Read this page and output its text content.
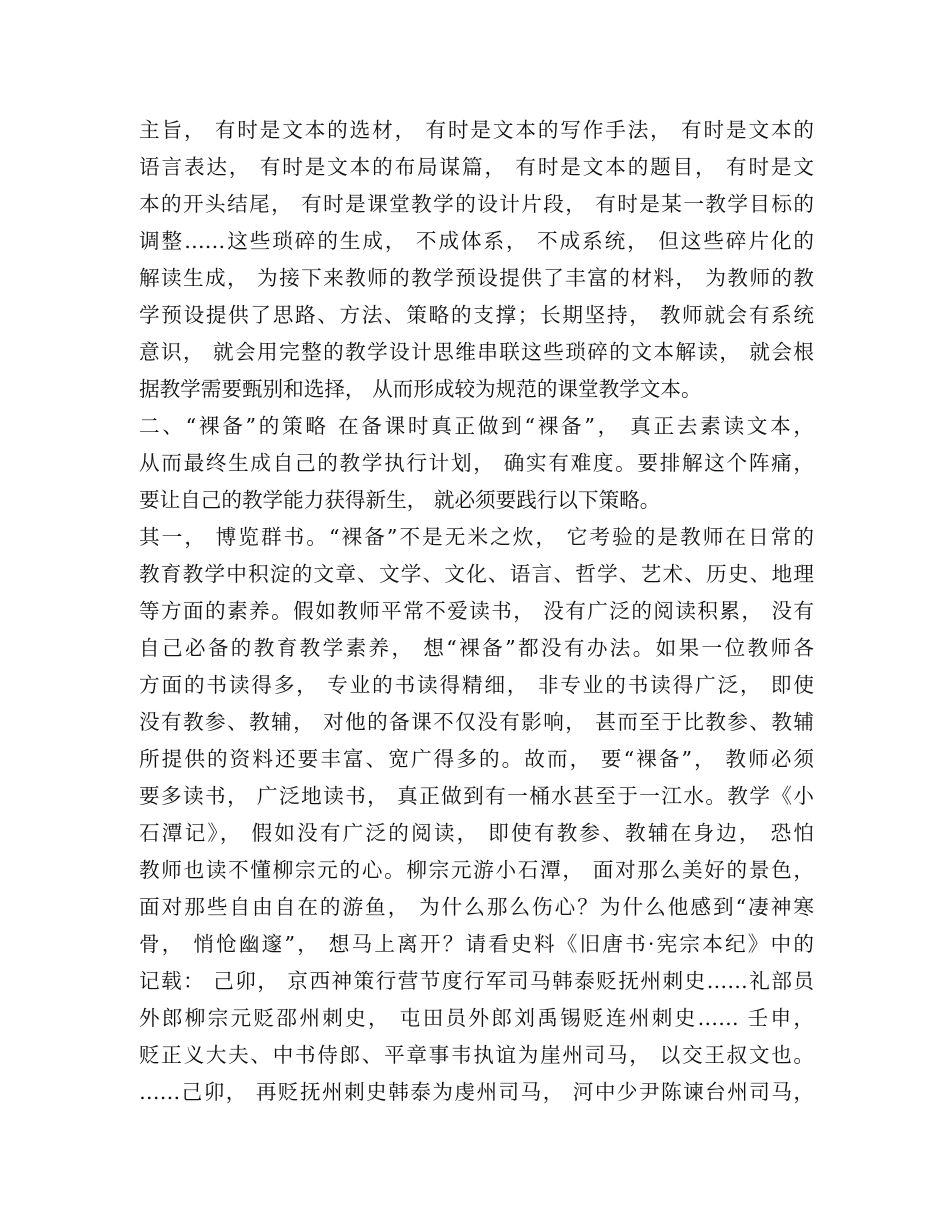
主旨， 有时是文本的选材， 有时是文本的写作手法， 有时是文本的
语言表达， 有时是文本的布局谋篇， 有时是文本的题目， 有时是文
本的开头结尾， 有时是课堂教学的设计片段， 有时是某一教学目标的
调整……这些琐碎的生成， 不成体系， 不成系统， 但这些碎片化的
解读生成， 为接下来教师的教学预设提供了丰富的材料， 为教师的教
学预设提供了思路、方法、策略的支撑；长期坚持， 教师就会有系统
意识， 就会用完整的教学设计思维串联这些琐碎的文本解读， 就会根
据教学需要甄别和选择， 从而形成较为规范的课堂教学文本。
二、“裸备”的策略 在备课时真正做到“裸备”， 真正去素读文本，
从而最终生成自己的教学执行计划， 确实有难度。要排解这个阵痛，
要让自己的教学能力获得新生， 就必须要践行以下策略。
其一， 博览群书。“裸备”不是无米之炊， 它考验的是教师在日常的
教育教学中积淀的文章、文学、文化、语言、哲学、艺术、历史、地理
等方面的素养。假如教师平常不爱读书， 没有广泛的阅读积累， 没有
自己必备的教育教学素养， 想“裸备”都没有办法。如果一位教师各
方面的书读得多， 专业的书读得精细， 非专业的书读得广泛， 即使
没有教参、教辅， 对他的备课不仅没有影响， 甚而至于比教参、教辅
所提供的资料还要丰富、宽广得多的。故而， 要“裸备”， 教师必须
要多读书， 广泛地读书， 真正做到有一桶水甚至于一江水。教学《小
石潭记》， 假如没有广泛的阅读， 即使有教参、教辅在身边， 恐怕
教师也读不懂柳宗元的心。柳宗元游小石潭， 面对那么美好的景色，
面对那些自由自在的游鱼， 为什么那么伤心？为什么他感到“凄神寒
骨， 悄怆幽邃”， 想马上离开？请看史料《旧唐书·宪宗本纪》中的
记载： 己卯， 京西神策行营节度行军司马韩泰贬抚州刺史……礼部员
外郎柳宗元贬邵州刺史， 屯田员外郎刘禹锡贬连州刺史…… 壬申，
贬正义大夫、中书侍郎、平章事韦执谊为崖州司马， 以交王叔文也。
……己卯， 再贬抚州刺史韩泰为虔州司马， 河中少尹陈谏台州司马，
